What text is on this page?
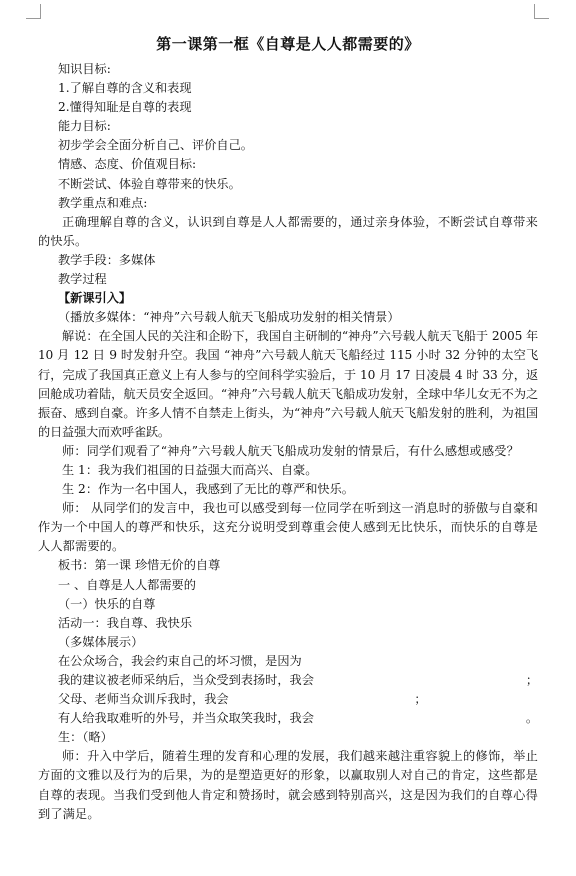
第一课第一框《自尊是人人都需要的》
知识目标:
1.了解自尊的含义和表现
2.懂得知耻是自尊的表现
能力目标:
初步学会全面分析自己、评价自己。
情感、态度、价值观目标:
不断尝试、体验自尊带来的快乐。
教学重点和难点:
正确理解自尊的含义，认识到自尊是人人都需要的，通过亲身体验，不断尝试自尊带来的快乐。
教学手段：多媒体
教学过程
【新课引入】
（播放多媒体：“神舟”六号载人航天飞船成功发射的相关情景）
解说：在全国人民的关注和企盼下，我国自主研制的“神舟”六号载人航天飞船于 2005 年 10 月 12 日 9 时发射升空。我国 “神舟”六号载人航天飞船经过 115 小时 32 分钟的太空飞行，完成了我国真正意义上有人参与的空间科学实验后，于 10 月 17 日凌晨 4 时 33 分，返回舱成功着陆，航天员安全返回。“神舟”六号载人航天飞船成功发射，全球中华儿女无不为之振奋、感到自豪。许多人情不自禁走上街头，为“神舟”六号载人航天飞船发射的胜利，为祖国的日益强大而欢呼雀跃。
师：同学们观看了“神舟”六号载人航天飞船成功发射的情景后，有什么感想或感受？
生 1：我为我们祖国的日益强大而高兴、自豪。
生 2：作为一名中国人，我感到了无比的尊严和快乐。
师： 从同学们的发言中，我也可以感受到每一位同学在听到这一消息时的骄傲与自豪和作为一个中国人的尊严和快乐，这充分说明受到尊重会使人感到无比快乐，而快乐的自尊是人人都需要的。
板书：第一课 珍惜无价的自尊
一 、自尊是人人都需要的
（一）快乐的自尊
活动一：我自尊、我快乐
（多媒体展示）
在公众场合，我会约束自己的坏习惯，是因为
我的建议被老师采纳后，当众受到表扬时，我会	；
父母、老师当众训斥我时，我会	；
有人给我取难听的外号，并当众取笑我时，我会	。
生：（略）
师：升入中学后，随着生理的发育和心理的发展，我们越来越注重容貌上的修饰，举止方面的文雅以及行为的后果，为的是塑造更好的形象，以赢取别人对自己的肯定，这些都是自尊的表现。当我们受到他人肯定和赞扬时，就会感到特别高兴，这是因为我们的自尊心得到了满足。
